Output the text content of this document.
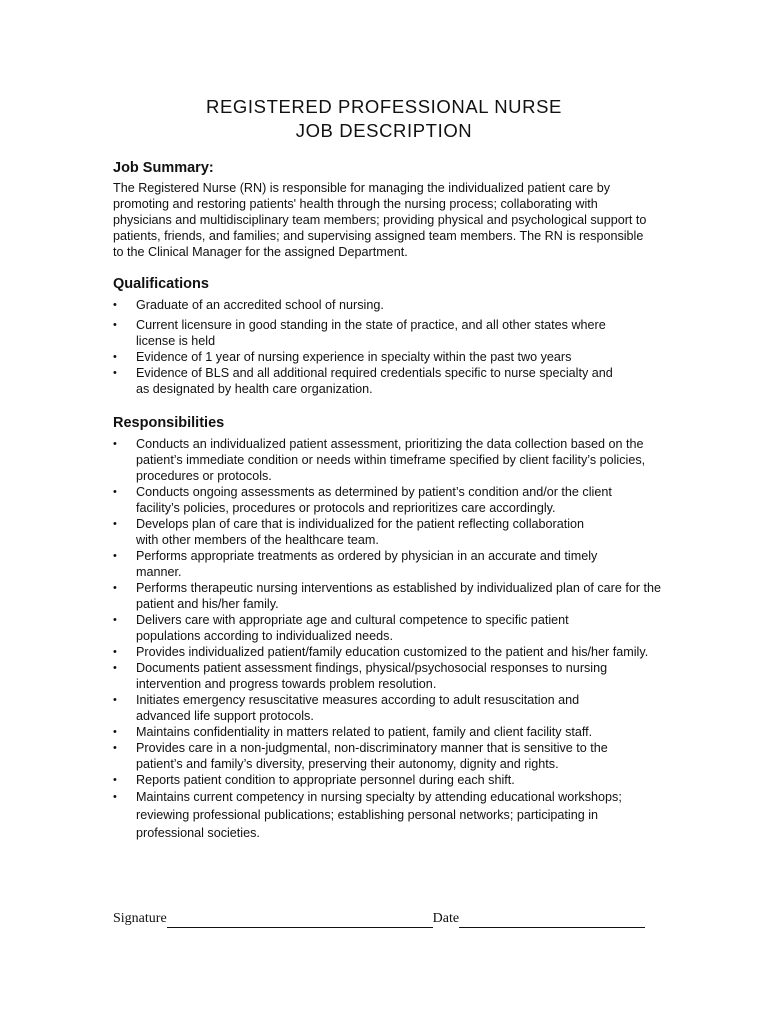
REGISTERED PROFESSIONAL NURSE
JOB DESCRIPTION
Job Summary:

The Registered Nurse (RN) is responsible for managing the individualized patient care by promoting and restoring patients' health through the nursing process; collaborating with physicians and multidisciplinary team members; providing physical and psychological support to patients, friends, and families; and supervising assigned team members. The RN is responsible to the Clinical Manager for the assigned Department.

Qualifications
• Graduate of an accredited school of nursing.
• Current licensure in good standing in the state of practice, and all other states where license is held
• Evidence of 1 year of nursing experience in specialty within the past two years
• Evidence of BLS and all additional required credentials specific to nurse specialty and as designated by health care organization.
Responsibilities
• Conducts an individualized patient assessment, prioritizing the data collection based on the patient’s immediate condition or needs within timeframe specified by client facility’s policies, procedures or protocols.
• Conducts ongoing assessments as determined by patient’s condition and/or the client facility’s policies, procedures or protocols and reprioritizes care accordingly.
• Develops plan of care that is individualized for the patient reflecting collaboration with other members of the healthcare team.
• Performs appropriate treatments as ordered by physician in an accurate and timely manner.
• Performs therapeutic nursing interventions as established by individualized plan of care for the patient and his/her family.
• Delivers care with appropriate age and cultural competence to specific patient populations according to individualized needs.
• Provides individualized patient/family education customized to the patient and his/her family.
• Documents patient assessment findings, physical/psychosocial responses to nursing intervention and progress towards problem resolution.
• Initiates emergency resuscitative measures according to adult resuscitation and advanced life support protocols.
• Maintains confidentiality in matters related to patient, family and client facility staff.
• Provides care in a non-judgmental, non-discriminatory manner that is sensitive to the patient’s and family’s diversity, preserving their autonomy, dignity and rights.
• Reports patient condition to appropriate personnel during each shift.
• Maintains current competency in nursing specialty by attending educational workshops; reviewing professional publications; establishing personal networks; participating in professional societies.
Signature	Date
